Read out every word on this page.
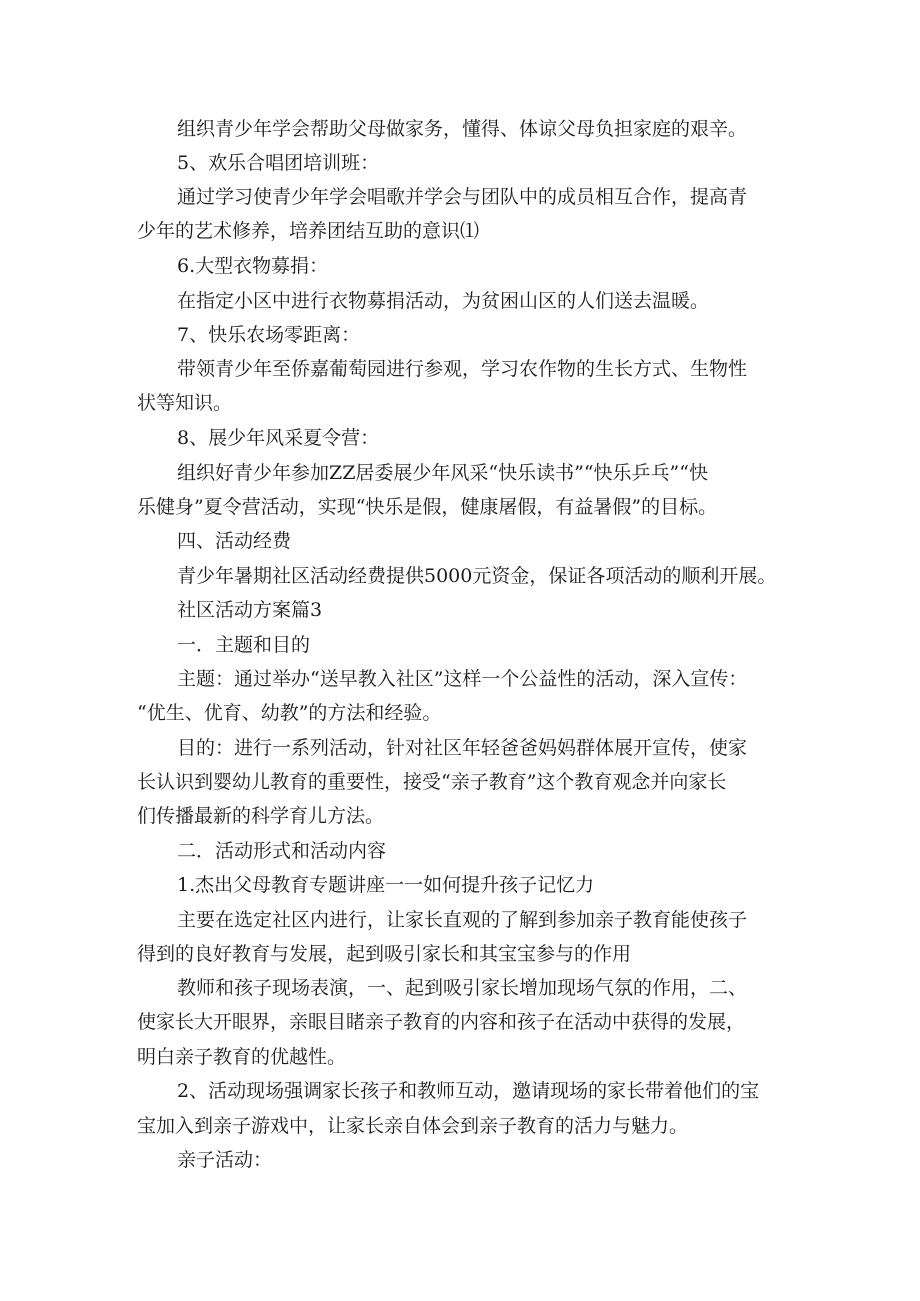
组织青少年学会帮助父母做家务，懂得、体谅父母负担家庭的艰辛。

5、欢乐合唱团培训班：

通过学习使青少年学会唱歌并学会与团队中的成员相互合作，提高青

少年的艺术修养，培养团结互助的意识⑴

6.大型衣物募捐：

在指定小区中进行衣物募捐活动，为贫困山区的人们送去温暖。

7、快乐农场零距离：

带领青少年至侨嘉葡萄园进行参观，学习农作物的生长方式、生物性

状等知识。

8、展少年风采夏令营：

组织好青少年参加ZZ居委展少年风采“快乐读书”“快乐乒乓”“快

乐健身”夏令营活动，实现“快乐是假，健康屠假，有益暑假”的目标。

四、活动经费

青少年暑期社区活动经费提供5000元资金，保证各项活动的顺利开展。

社区活动方案篇3

一．主题和目的

主题：通过举办“送早教入社区”这样一个公益性的活动，深入宣传：

“优生、优育、幼教”的方法和经验。

目的：进行一系列活动，针对社区年轻爸爸妈妈群体展开宣传，使家

长认识到婴幼儿教育的重要性，接受“亲子教育”这个教育观念并向家长

们传播最新的科学育儿方法。

二．活动形式和活动内容

1.杰出父母教育专题讲座一一如何提升孩子记忆力

主要在选定社区内进行，让家长直观的了解到参加亲子教育能使孩子

得到的良好教育与发展，起到吸引家长和其宝宝参与的作用

教师和孩子现场表演，一、起到吸引家长增加现场气氛的作用，二、

使家长大开眼界，亲眼目睹亲子教育的内容和孩子在活动中获得的发展，

明白亲子教育的优越性。

2、活动现场强调家长孩子和教师互动，邀请现场的家长带着他们的宝

宝加入到亲子游戏中，让家长亲自体会到亲子教育的活力与魅力。

亲子活动：
